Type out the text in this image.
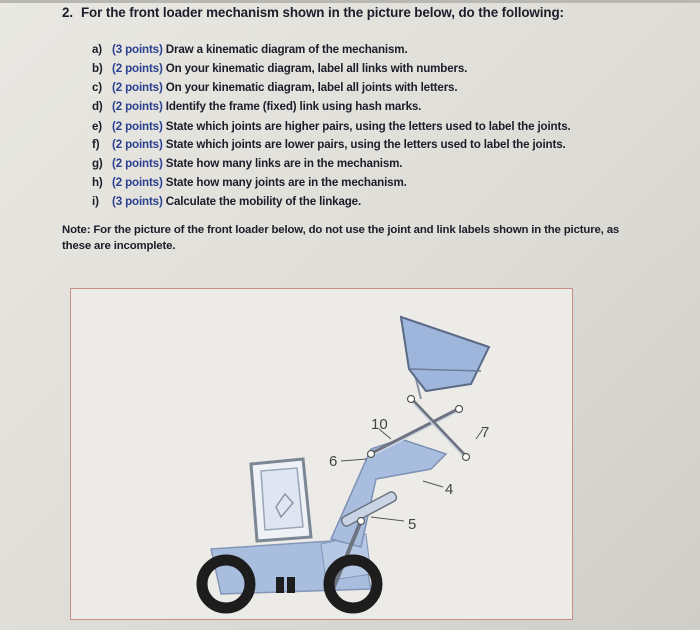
2. For the front loader mechanism shown in the picture below, do the following:
a) (3 points) Draw a kinematic diagram of the mechanism.
b) (2 points) On your kinematic diagram, label all links with numbers.
c) (2 points) On your kinematic diagram, label all joints with letters.
d) (2 points) Identify the frame (fixed) link using hash marks.
e) (2 points) State which joints are higher pairs, using the letters used to label the joints.
f) (2 points) State which joints are lower pairs, using the letters used to label the joints.
g) (2 points) State how many links are in the mechanism.
h) (2 points) State how many joints are in the mechanism.
i) (3 points) Calculate the mobility of the linkage.
Note: For the picture of the front loader below, do not use the joint and link labels shown in the picture, as these are incomplete.
10	7
6
4
5
